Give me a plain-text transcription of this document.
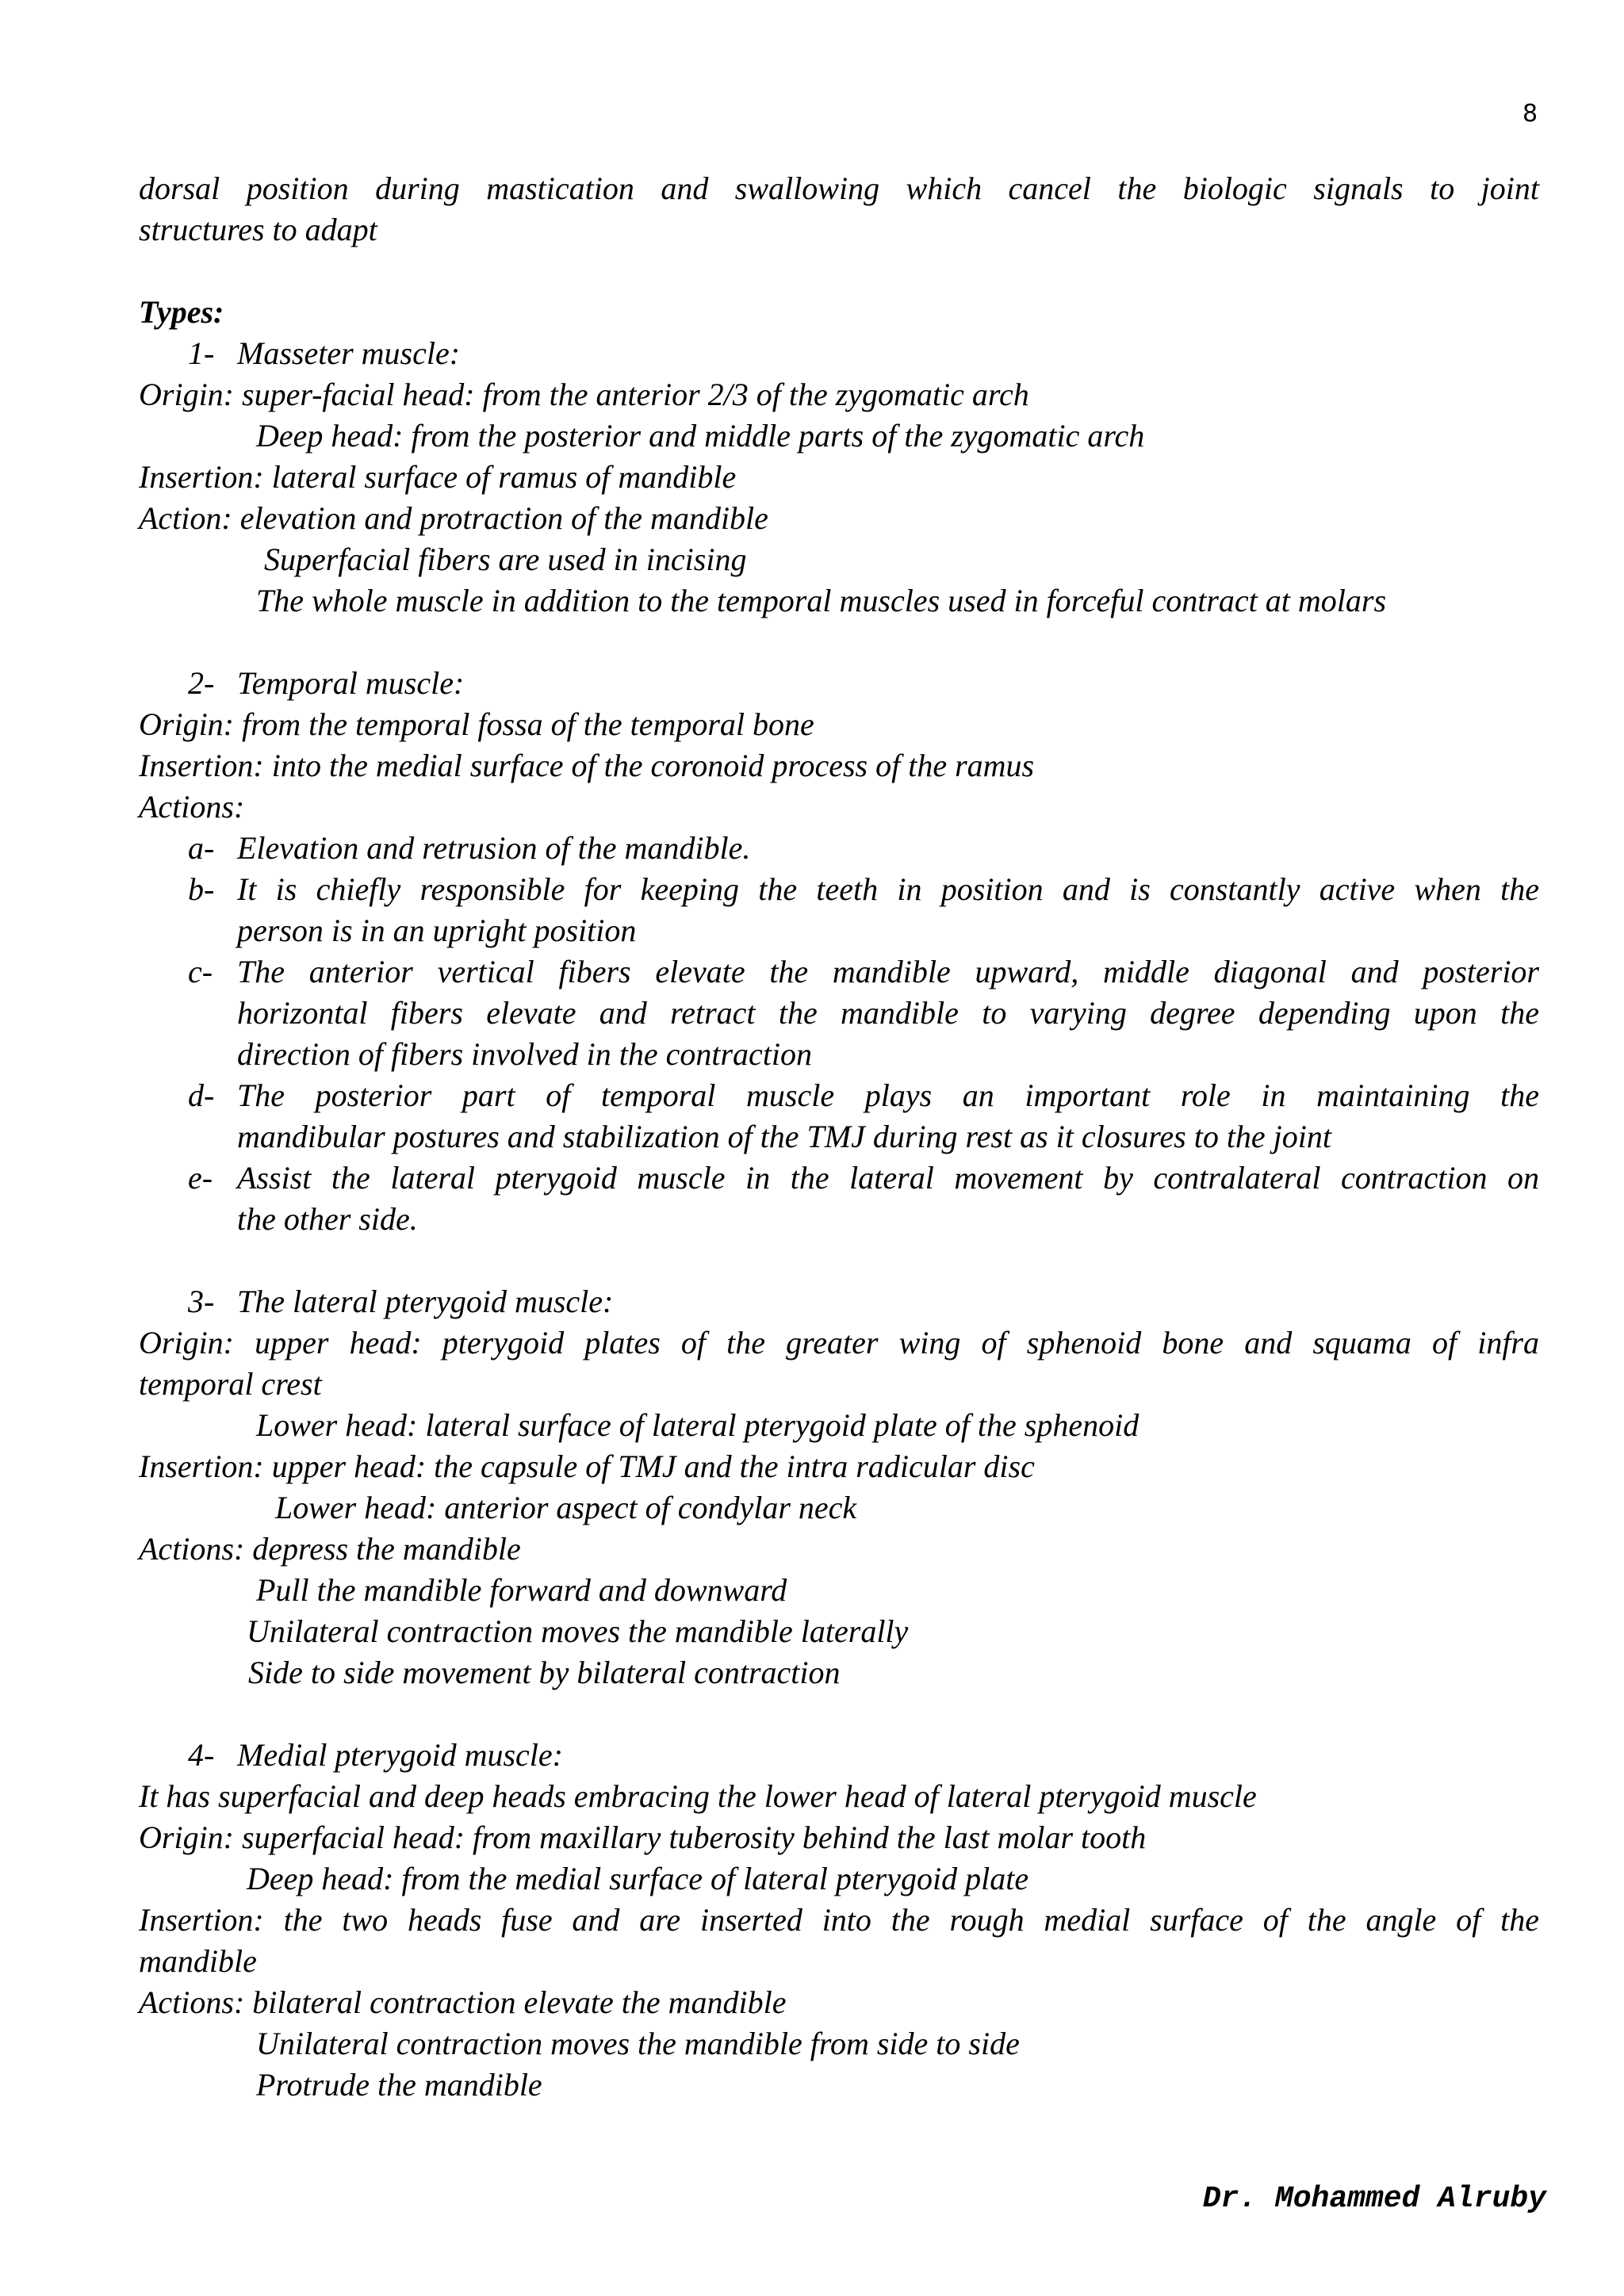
8
dorsal position during mastication and swallowing which cancel the biologic signals to joint
structures to adapt
Types:
1- Masseter muscle:
Origin: super-facial head: from the anterior 2/3 of the zygomatic arch
Deep head: from the posterior and middle parts of the zygomatic arch
Insertion: lateral surface of ramus of mandible
Action: elevation and protraction of the mandible
Superfacial fibers are used in incising
The whole muscle in addition to the temporal muscles used in forceful contract at molars
2- Temporal muscle:
Origin: from the temporal fossa of the temporal bone
Insertion: into the medial surface of the coronoid process of the ramus
Actions:
a- Elevation and retrusion of the mandible.
b- It is chiefly responsible for keeping the teeth in position and is constantly active when the
person is in an upright position
c- The anterior vertical fibers elevate the mandible upward, middle diagonal and posterior
horizontal fibers elevate and retract the mandible to varying degree depending upon the
direction of fibers involved in the contraction
d- The posterior part of temporal muscle plays an important role in maintaining the
mandibular postures and stabilization of the TMJ during rest as it closures to the joint
e- Assist the lateral pterygoid muscle in the lateral movement by contralateral contraction on
the other side.
3- The lateral pterygoid muscle:
Origin: upper head: pterygoid plates of the greater wing of sphenoid bone and squama of infra
temporal crest
Lower head: lateral surface of lateral pterygoid plate of the sphenoid
Insertion: upper head: the capsule of TMJ and the intra radicular disc
Lower head: anterior aspect of condylar neck
Actions: depress the mandible
Pull the mandible forward and downward
Unilateral contraction moves the mandible laterally
Side to side movement by bilateral contraction
4- Medial pterygoid muscle:
It has superfacial and deep heads embracing the lower head of lateral pterygoid muscle
Origin: superfacial head: from maxillary tuberosity behind the last molar tooth
Deep head: from the medial surface of lateral pterygoid plate
Insertion: the two heads fuse and are inserted into the rough medial surface of the angle of the
mandible
Actions: bilateral contraction elevate the mandible
Unilateral contraction moves the mandible from side to side
Protrude the mandible
Dr. Mohammed Alruby
